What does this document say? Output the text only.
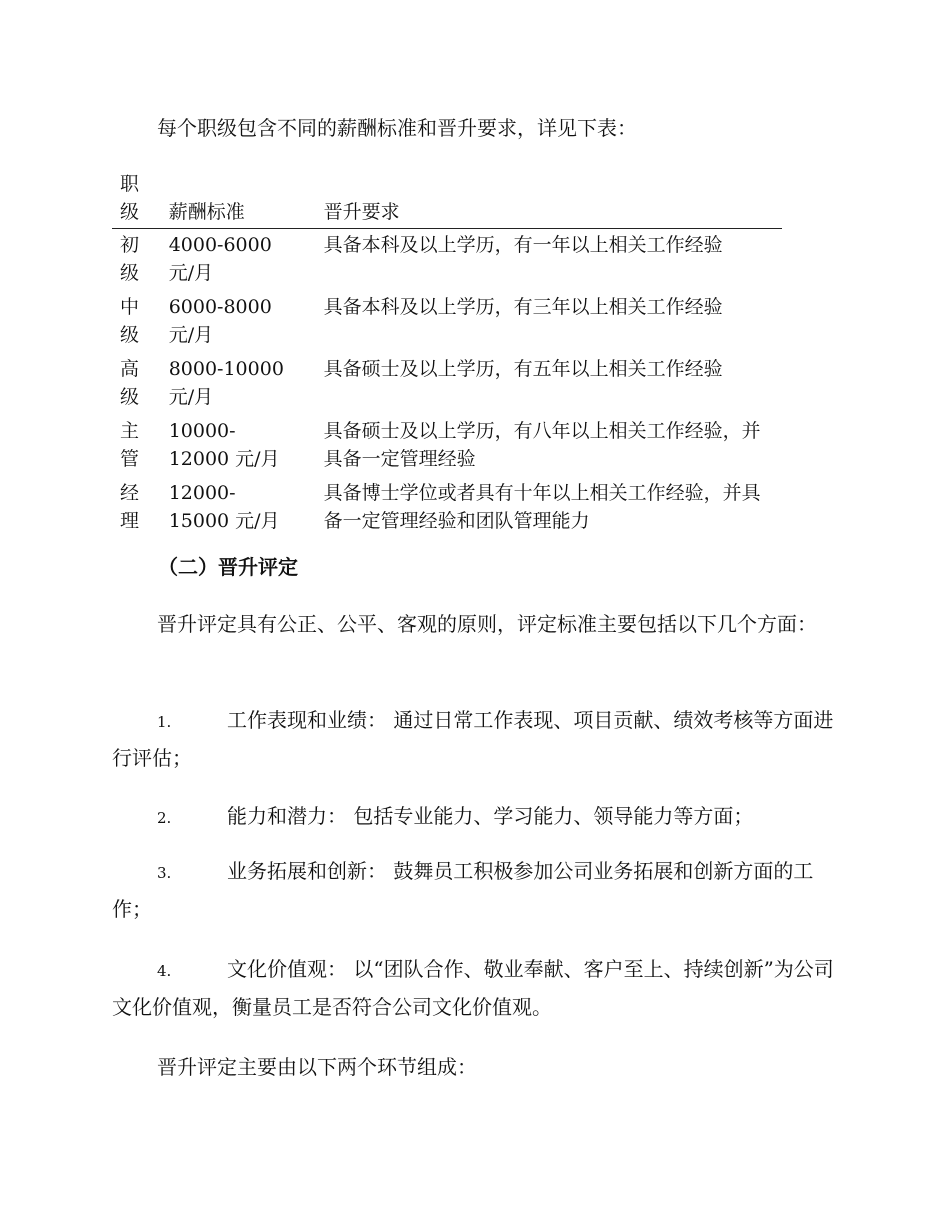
每个职级包含不同的薪酬标准和晋升要求，详见下表：

职级	薪酬标准	晋升要求

初级	4000-6000 元/月	具备本科及以上学历，有一年以上相关工作经验

中级	6000-8000 元/月	具备本科及以上学历，有三年以上相关工作经验

高级	8000-10000 元/月	具备硕士及以上学历，有五年以上相关工作经验

主管	10000-12000 元/月	具备硕士及以上学历，有八年以上相关工作经验，并具备一定管理经验

经理	12000-15000 元/月	具备博士学位或者具有十年以上相关工作经验，并具备一定管理经验和团队管理能力

（二）晋升评定

晋升评定具有公正、公平、客观的原则，评定标准主要包括以下几个方面：

1.	工作表现和业绩： 通过日常工作表现、项目贡献、绩效考核等方面进行评估；

2.	能力和潜力： 包括专业能力、学习能力、领导能力等方面；

3.	业务拓展和创新： 鼓舞员工积极参加公司业务拓展和创新方面的工作；

4.	文化价值观： 以“团队合作、敬业奉献、客户至上、持续创新”为公司文化价值观，衡量员工是否符合公司文化价值观。

晋升评定主要由以下两个环节组成：
